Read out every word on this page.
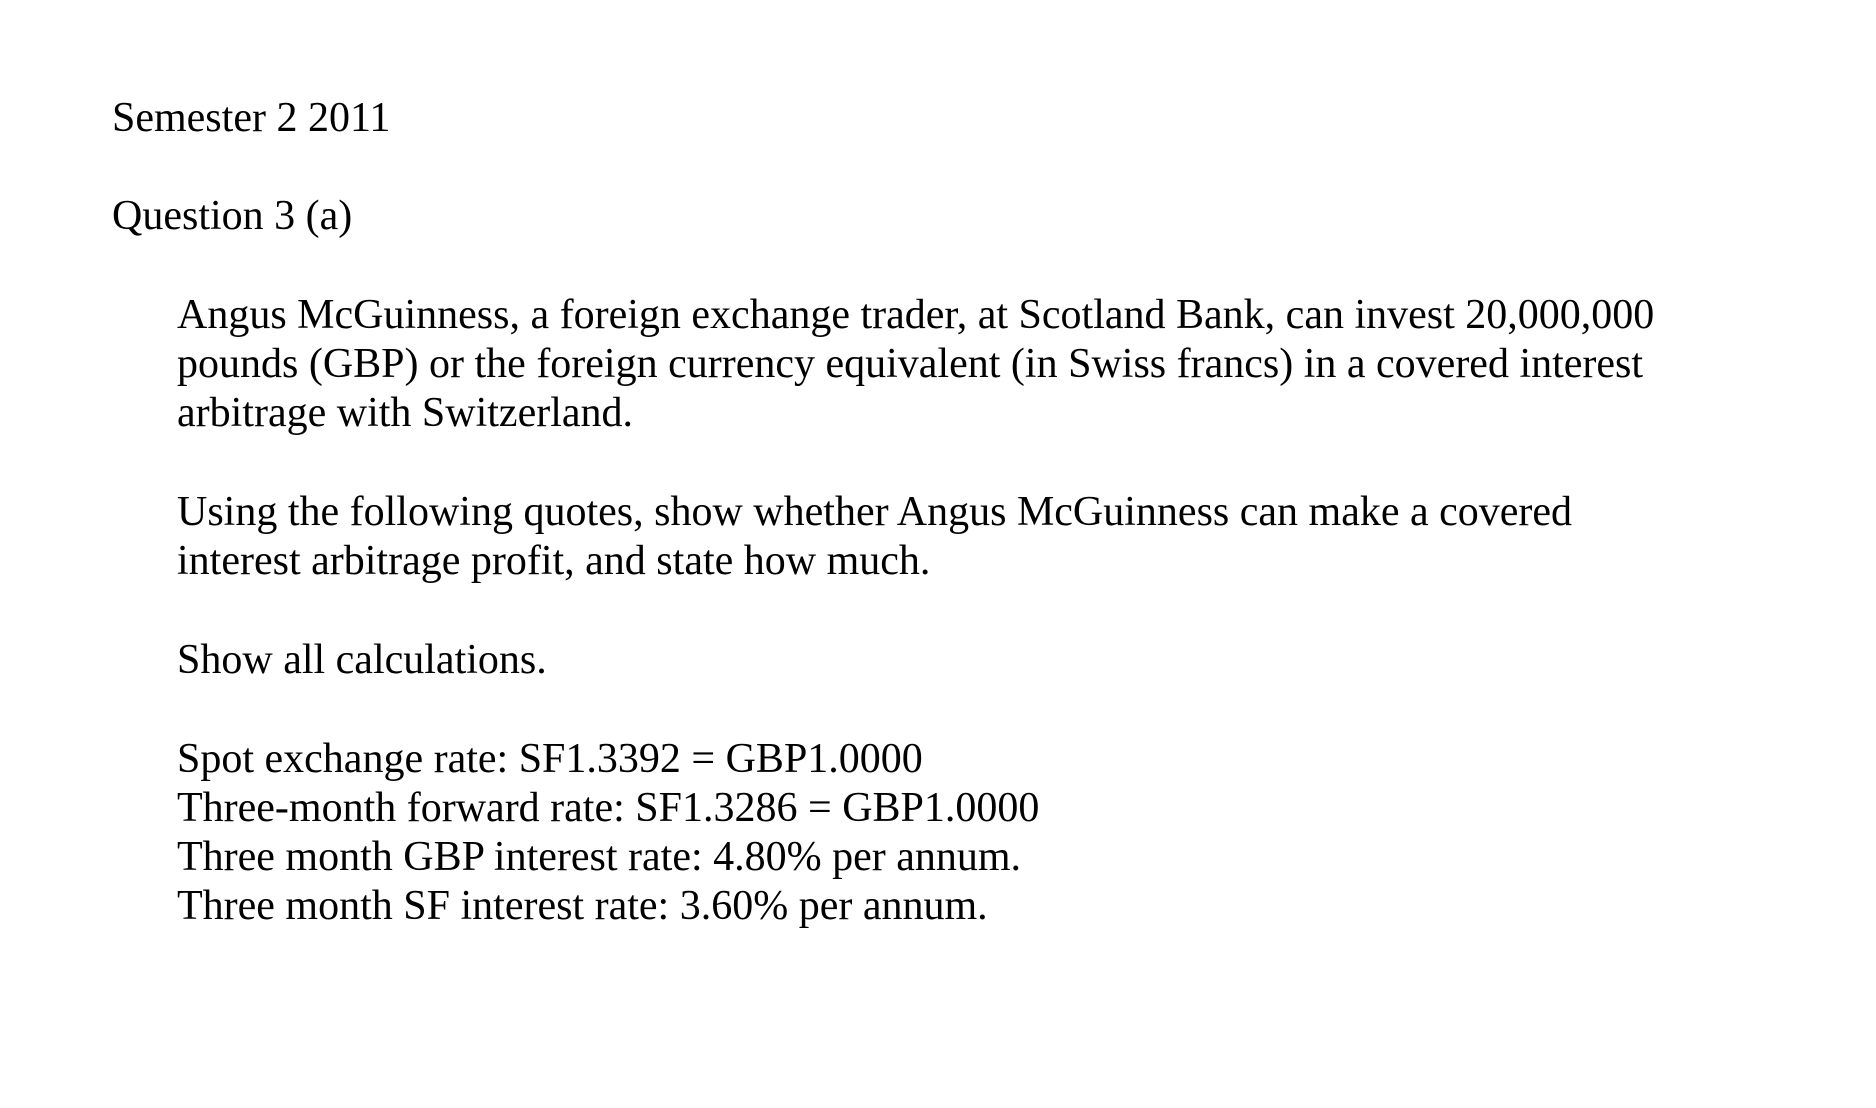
Semester 2 2011

Question 3 (a)

Angus McGuinness, a foreign exchange trader, at Scotland Bank, can invest 20,000,000

pounds (GBP) or the foreign currency equivalent (in Swiss francs) in a covered interest

arbitrage with Switzerland.

Using the following quotes, show whether Angus McGuinness can make a covered

interest arbitrage profit, and state how much.

Show all calculations.

Spot exchange rate: SF1.3392 = GBP1.0000

Three-month forward rate: SF1.3286 = GBP1.0000

Three month GBP interest rate: 4.80% per annum.

Three month SF interest rate: 3.60% per annum.
